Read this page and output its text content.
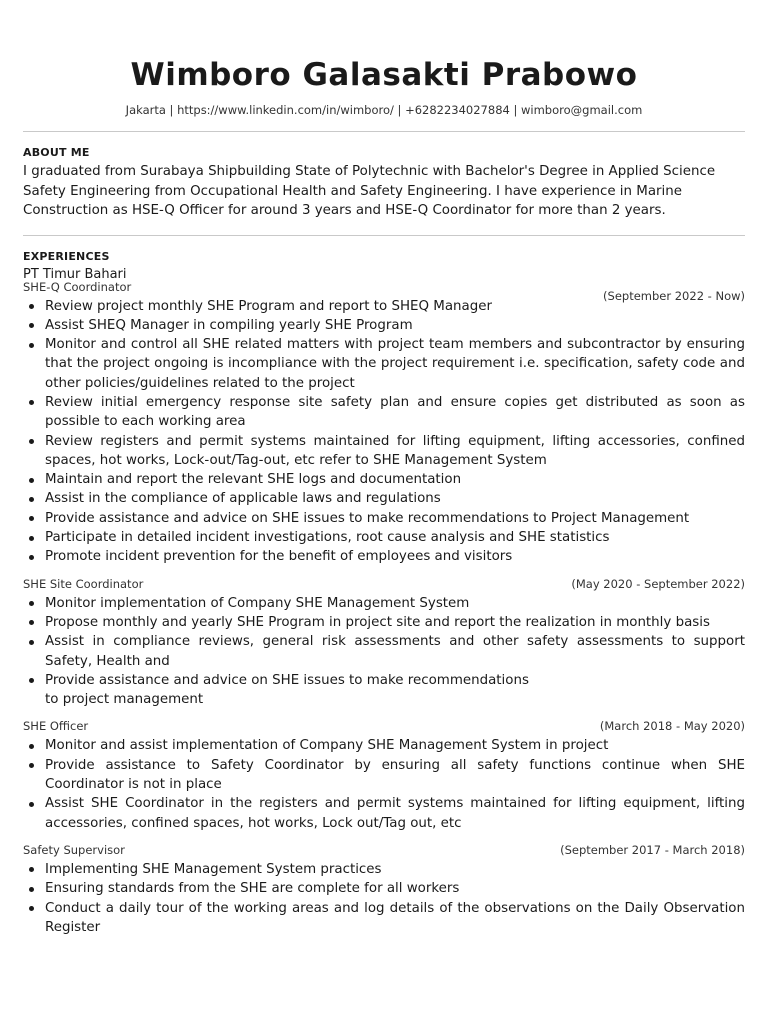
Wimboro Galasakti Prabowo
Jakarta | https://www.linkedin.com/in/wimboro/ | +6282234027884 | wimboro@gmail.com
ABOUT ME
I graduated from Surabaya Shipbuilding State of Polytechnic with Bachelor's Degree in Applied Science Safety Engineering from Occupational Health and Safety Engineering. I have experience in Marine Construction as HSE-Q Officer for around 3 years and HSE-Q Coordinator for more than 2 years.
EXPERIENCES
PT Timur Bahari
(September 2022 - Now)
SHE-Q Coordinator
Review project monthly SHE Program and report to SHEQ Manager
Assist SHEQ Manager in compiling yearly SHE Program
Monitor and control all SHE related matters with project team members and subcontractor by ensuring that the project ongoing is incompliance with the project requirement i.e. specification, safety code and other policies/guidelines related to the project
Review initial emergency response site safety plan and ensure copies get distributed as soon as possible to each working area
Review registers and permit systems maintained for lifting equipment, lifting accessories, confined spaces, hot works, Lock-out/Tag-out, etc refer to SHE Management System
Maintain and report the relevant SHE logs and documentation
Assist in the compliance of applicable laws and regulations
Provide assistance and advice on SHE issues to make recommendations to Project Management
Participate in detailed incident investigations, root cause analysis and SHE statistics
Promote incident prevention for the benefit of employees and visitors
SHE Site Coordinator	(May 2020 - September 2022)
Monitor implementation of Company SHE Management System
Propose monthly and yearly SHE Program in project site and report the realization in monthly basis
Assist in compliance reviews, general risk assessments and other safety assessments to support Safety, Health and
Provide assistance and advice on SHE issues to make recommendations
to project management
SHE Officer	(March 2018 - May 2020)
Monitor and assist implementation of Company SHE Management System in project
Provide assistance to Safety Coordinator by ensuring all safety functions continue when SHE Coordinator is not in place
Assist SHE Coordinator in the registers and permit systems maintained for lifting equipment, lifting accessories, confined spaces, hot works, Lock out/Tag out, etc
Safety Supervisor	(September 2017 - March 2018)
Implementing SHE Management System practices
Ensuring standards from the SHE are complete for all workers
Conduct a daily tour of the working areas and log details of the observations on the Daily Observation Register
